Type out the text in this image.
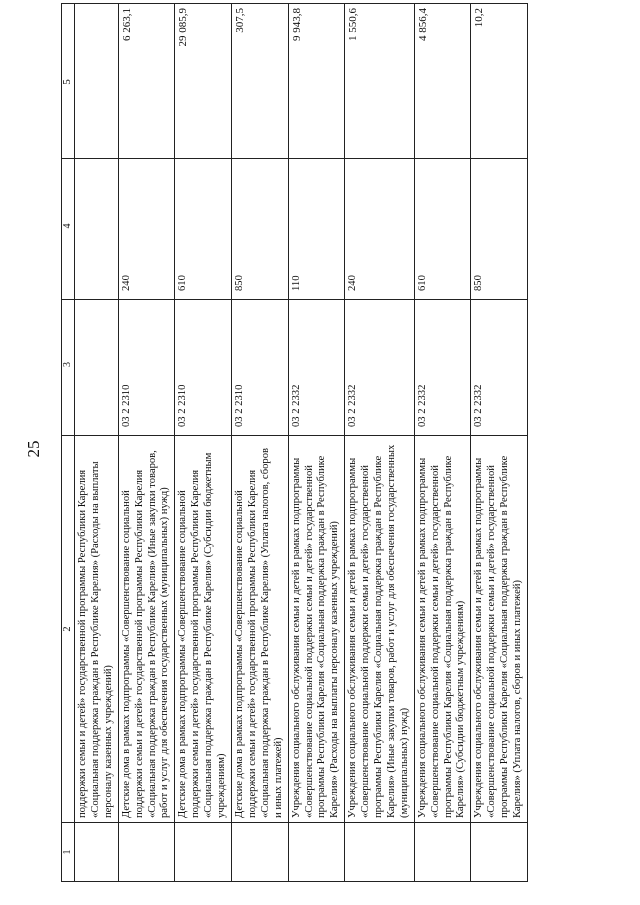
25
1	2	3	4	5
	поддержки семьи и детей» государственной программы Республики Карелия «Социальная поддержка граждан в Республике Карелия» (Расходы на выплаты персоналу казенных учреждений)			
	Детские дома в рамках подпрограммы «Совершенствование социальной поддержки семьи и детей» государственной программы Республики Карелия «Социальная поддержка граждан в Республике Карелия» (Иные закупки товаров, работ и услуг для обеспечения государственных (муниципальных) нужд)	03 2 2310	240	6 263,1
	Детские дома в рамках подпрограммы «Совершенствование социальной поддержки семьи и детей» государственной программы Республики Карелия «Социальная поддержка граждан в Республике Карелия» (Субсидии бюджетным учреждениям)	03 2 2310	610	29 085,9
	Детские дома в рамках подпрограммы «Совершенствование социальной поддержки семьи и детей» государственной программы Республики Карелия «Социальная поддержка граждан в Республике Карелия» (Уплата налогов, сборов и иных платежей)	03 2 2310	850	307,5
	Учреждения социального обслуживания семьи и детей в рамках подпрограммы «Совершенствование социальной поддержки семьи и детей» государственной программы Республики Карелия «Социальная поддержка граждан в Республике Карелия» (Расходы на выплаты персоналу казенных учреждений)	03 2 2332	110	9 943,8
	Учреждения социального обслуживания семьи и детей в рамках подпрограммы «Совершенствование социальной поддержки семьи и детей» государственной программы Республики Карелия «Социальная поддержка граждан в Республике Карелия» (Иные закупки товаров, работ и услуг для обеспечения государственных (муниципальных) нужд)	03 2 2332	240	1 550,6
	Учреждения социального обслуживания семьи и детей в рамках подпрограммы «Совершенствование социальной поддержки семьи и детей» государственной программы Республики Карелия «Социальная поддержка граждан в Республике Карелия» (Субсидии бюджетным учреждениям)	03 2 2332	610	4 856,4
	Учреждения социального обслуживания семьи и детей в рамках подпрограммы «Совершенствование социальной поддержки семьи и детей» государственной программы Республики Карелия «Социальная поддержка граждан в Республике Карелия» (Уплата налогов, сборов и иных платежей)	03 2 2332	850	10,2
